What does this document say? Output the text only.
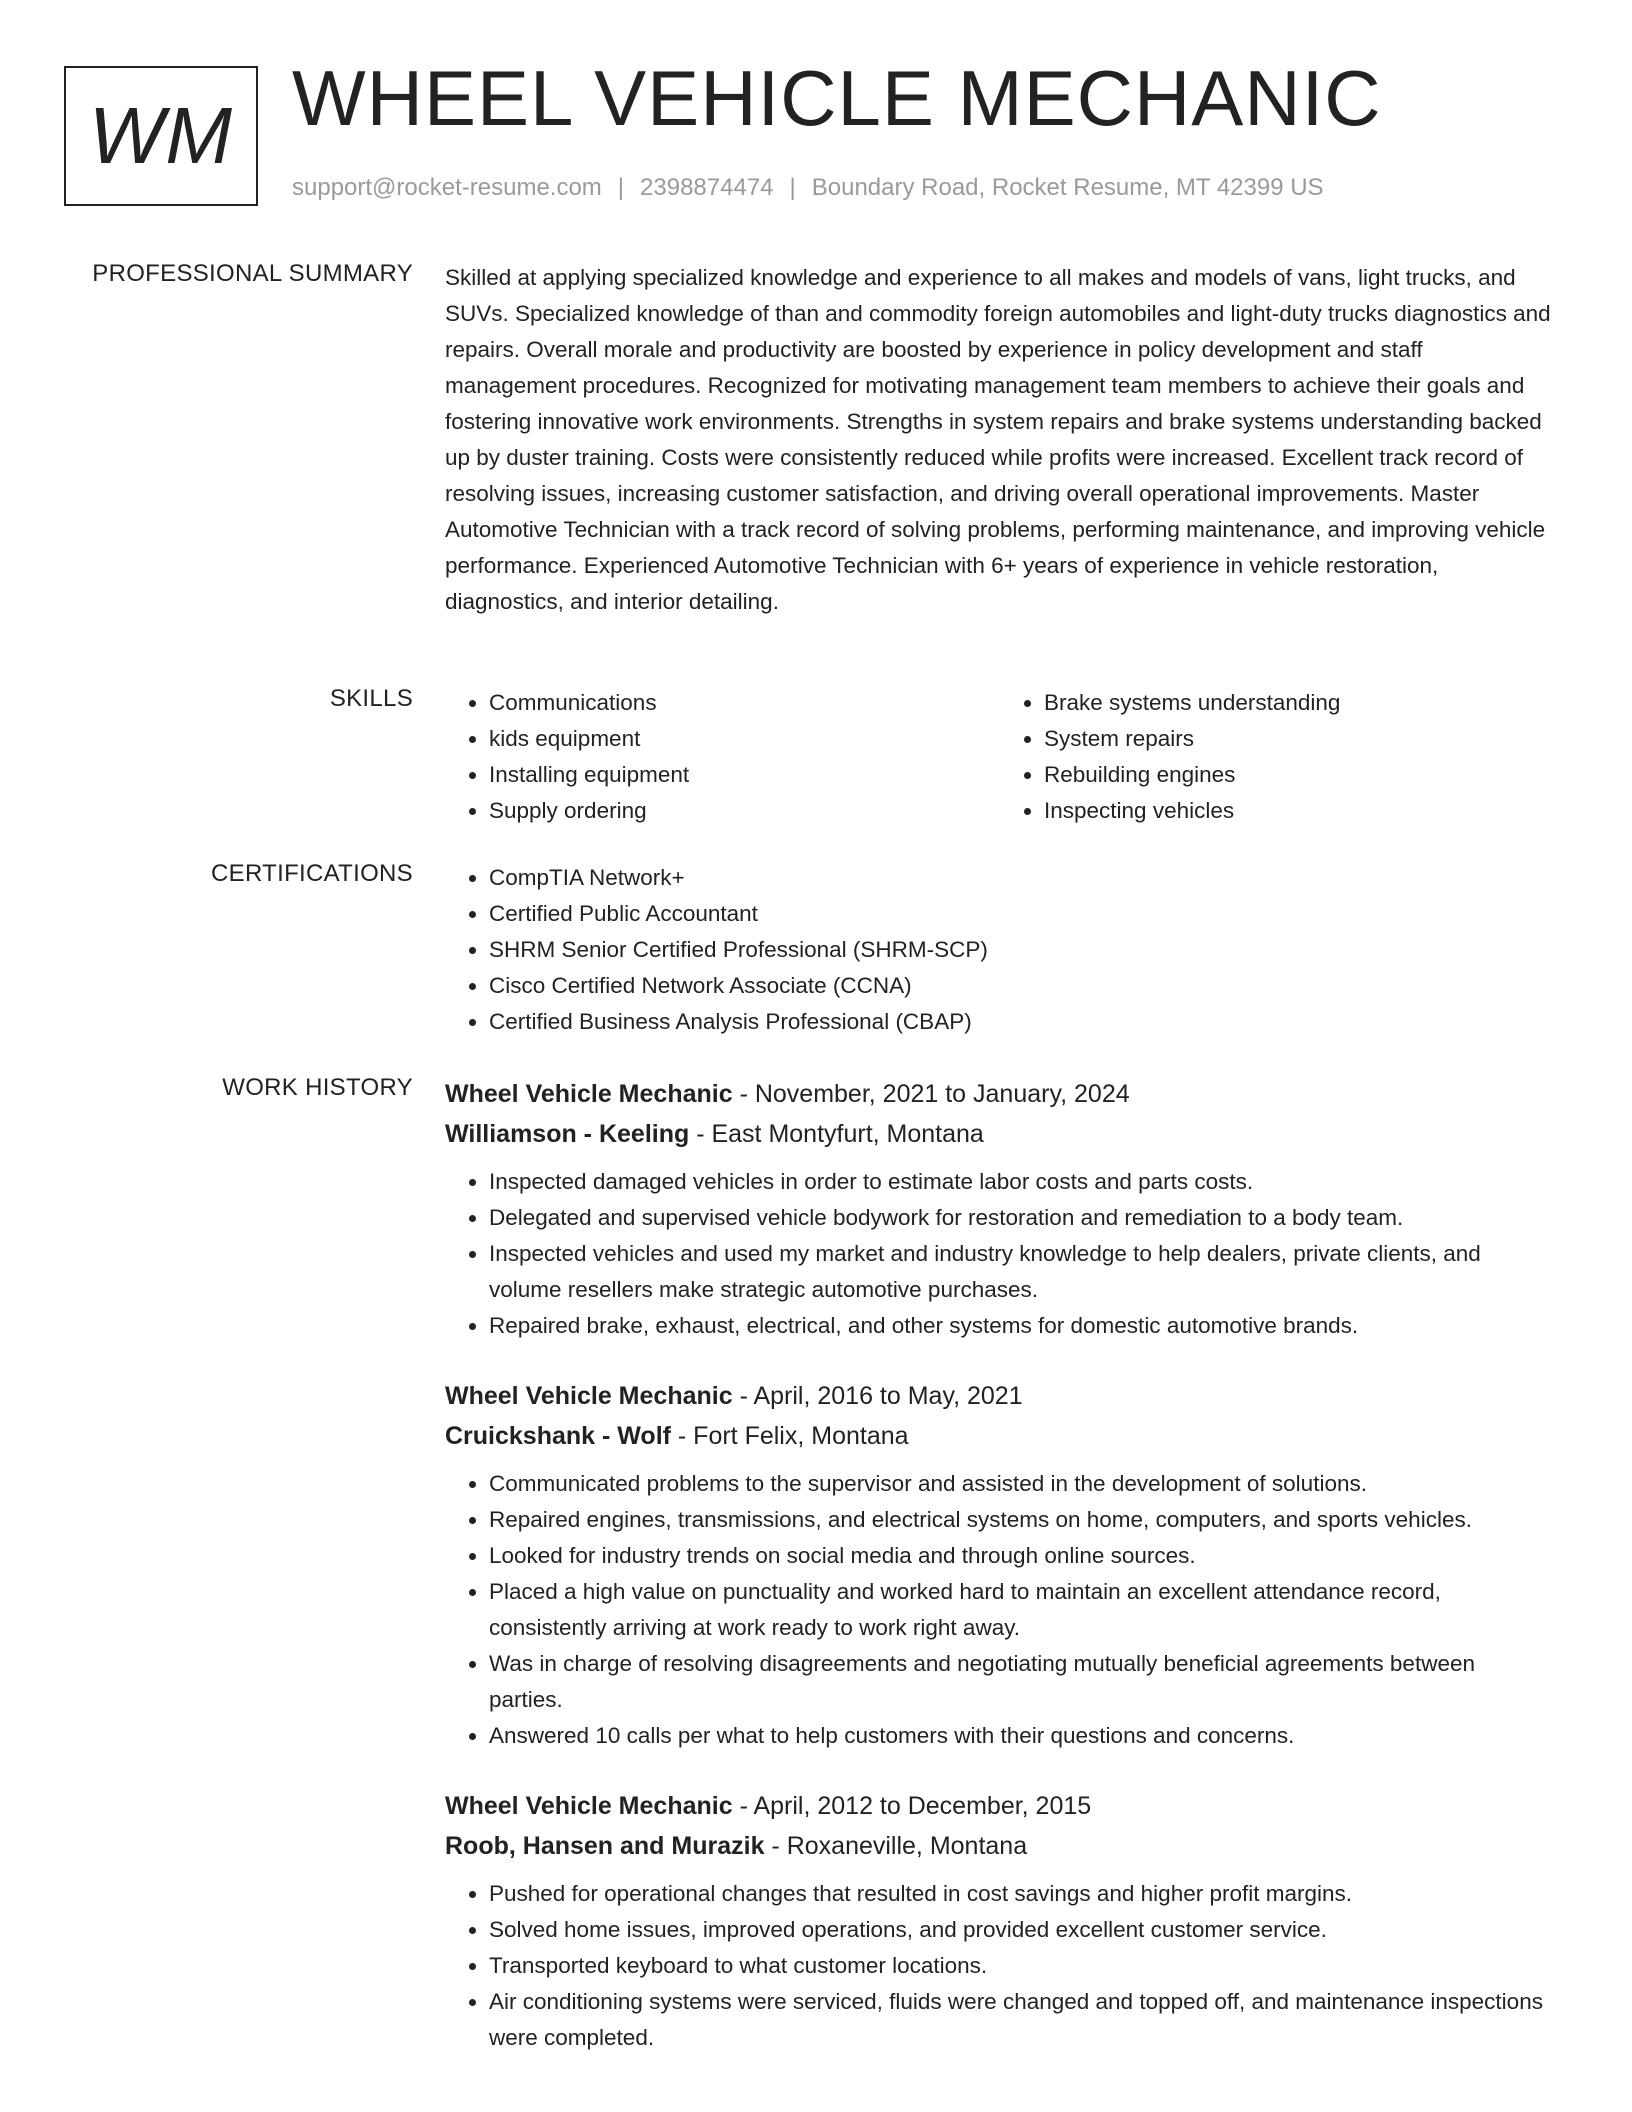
WM WHEEL VEHICLE MECHANIC
support@rocket-resume.com | 2398874474 | Boundary Road, Rocket Resume, MT 42399 US
PROFESSIONAL SUMMARY Skilled at applying specialized knowledge and experience to all makes and models of vans, light trucks, and SUVs. Specialized knowledge of than and commodity foreign automobiles and light-duty trucks diagnostics and repairs. Overall morale and productivity are boosted by experience in policy development and staff management procedures. Recognized for motivating management team members to achieve their goals and fostering innovative work environments. Strengths in system repairs and brake systems understanding backed up by duster training. Costs were consistently reduced while profits were increased. Excellent track record of resolving issues, increasing customer satisfaction, and driving overall operational improvements. Master Automotive Technician with a track record of solving problems, performing maintenance, and improving vehicle performance. Experienced Automotive Technician with 6+ years of experience in vehicle restoration, diagnostics, and interior detailing.

SKILLS	• Communications
• kids equipment
• Installing equipment
• Supply ordering
• Brake systems understanding
• System repairs
• Rebuilding engines
• Inspecting vehicles
CERTIFICATIONS	• CompTIA Network+
• Certified Public Accountant
• SHRM Senior Certified Professional (SHRM-SCP)
• Cisco Certified Network Associate (CCNA)
• Certified Business Analysis Professional (CBAP)
WORK HISTORY Wheel Vehicle Mechanic - November, 2021 to January, 2024
Williamson - Keeling - East Montyfurt, Montana
• Inspected damaged vehicles in order to estimate labor costs and parts costs.
• Delegated and supervised vehicle bodywork for restoration and remediation to a body team.
• Inspected vehicles and used my market and industry knowledge to help dealers, private clients, and volume resellers make strategic automotive purchases.
• Repaired brake, exhaust, electrical, and other systems for domestic automotive brands.
Wheel Vehicle Mechanic - April, 2016 to May, 2021
Cruickshank - Wolf - Fort Felix, Montana
• Communicated problems to the supervisor and assisted in the development of solutions.
• Repaired engines, transmissions, and electrical systems on home, computers, and sports vehicles.
• Looked for industry trends on social media and through online sources.
• Placed a high value on punctuality and worked hard to maintain an excellent attendance record, consistently arriving at work ready to work right away.
• Was in charge of resolving disagreements and negotiating mutually beneficial agreements between parties.
• Answered 10 calls per what to help customers with their questions and concerns.
Wheel Vehicle Mechanic - April, 2012 to December, 2015
Roob, Hansen and Murazik - Roxaneville, Montana
• Pushed for operational changes that resulted in cost savings and higher profit margins.
• Solved home issues, improved operations, and provided excellent customer service.
• Transported keyboard to what customer locations.
• Air conditioning systems were serviced, fluids were changed and topped off, and maintenance inspections were completed.
